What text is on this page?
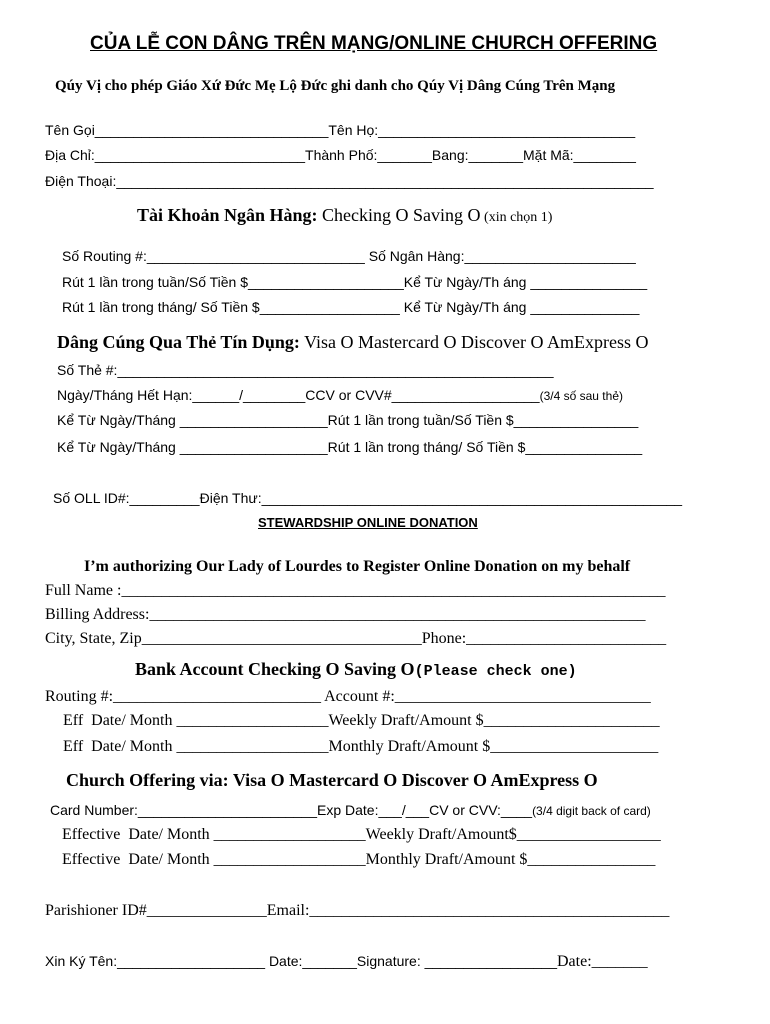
CỦA LỄ CON DÂNG TRÊN MẠNG/ONLINE CHURCH OFFERING
Qúy Vị cho phép Giáo Xứ Đức Mẹ Lộ Đức ghi danh cho Qúy Vị Dâng Cúng Trên Mạng
Tên Gọi______________________________Tên Họ:_________________________________
Địa Chỉ:___________________________Thành Phố:_______Bang:_______Mặt Mã:________
Điện Thoại:_____________________________________________________________________
Tài Khoản Ngân Hàng: Checking O Saving O (xin chọn 1)
Số Routing #:____________________________ Số Ngân Hàng:______________________
Rút 1 lần trong tuần/Số Tiền $____________________Kể Từ Ngày/Th áng _______________
Rút 1 lần trong tháng/ Số Tiền $__________________ Kể Từ Ngày/Th áng ______________
Dâng Cúng Qua Thẻ Tín Dụng: Visa O Mastercard O Discover O AmExpress O
Số Thẻ #:________________________________________________________
Ngày/Tháng Hết Hạn:______/________CCV or CVV#___________________(3/4 số sau thẻ)
Kể Từ Ngày/Tháng ___________________Rút 1 lần trong tuần/Số Tiền $________________
Kể Từ Ngày/Tháng ___________________Rút 1 lần trong tháng/ Số Tiền $_______________
Số OLL ID#:_________Điện Thư:______________________________________________________
STEWARDSHIP ONLINE DONATION
I’m authorizing Our Lady of Lourdes to Register Online Donation on my behalf
Full Name :____________________________________________________________________
Billing Address:______________________________________________________________
City, State, Zip___________________________________Phone:_________________________
Bank Account Checking O Saving O(Please check one)
Routing #:__________________________ Account #:________________________________
Eff  Date/ Month ___________________Weekly Draft/Amount $______________________
Eff  Date/ Month ___________________Monthly Draft/Amount $_____________________
Church Offering via: Visa O Mastercard O Discover O AmExpress O
Card Number:_______________________Exp Date:___/___CV or CVV:____(3/4 digit back of card)
Effective  Date/ Month ___________________Weekly Draft/Amount$__________________
Effective  Date/ Month ___________________Monthly Draft/Amount $________________
Parishioner ID#_______________Email:_____________________________________________
Xin Ký Tên:___________________ Date:_______Signature: _________________Date:_______
